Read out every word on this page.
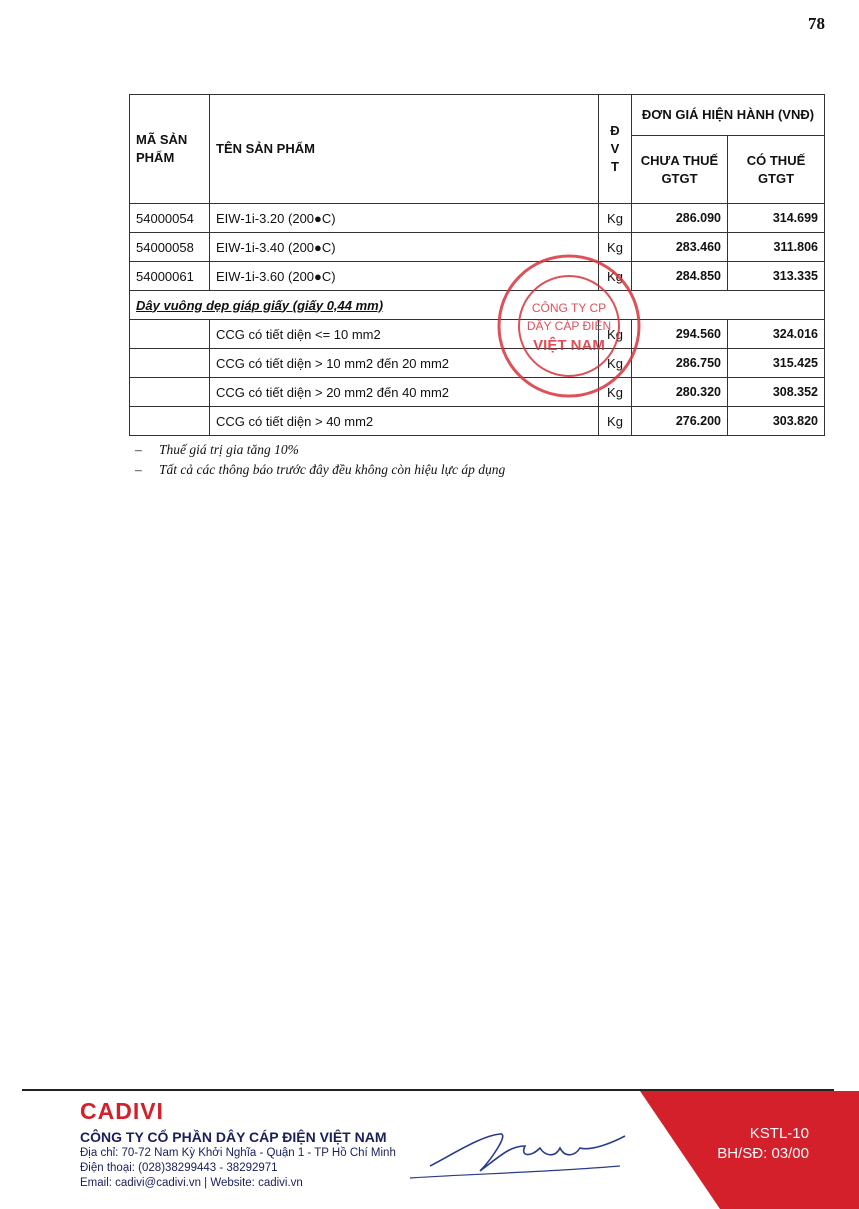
78
MÃ SẢN PHẨM	TÊN SẢN PHẨM	Đ V T	ĐƠN GIÁ HIỆN HÀNH (VNĐ)	
			CHƯA THUẾ GTGT	CÓ THUẾ GTGT
54000054	EIW-1i-3.20 (200●C)	Kg	286.090	314.699
54000058	EIW-1i-3.40 (200●C)	Kg	283.460	311.806
54000061	EIW-1i-3.60 (200●C)	Kg	284.850	313.335
Dây vuông dẹp giáp giấy (giấy 0,44 mm)				
	CCG có tiết diện <= 10 mm2	Kg	294.560	324.016
	CCG có tiết diện > 10 mm2 đến 20 mm2	Kg	286.750	315.425
	CCG có tiết diện > 20 mm2 đến 40 mm2	Kg	280.320	308.352
	CCG có tiết diện > 40 mm2	Kg	276.200	303.820
– Thuế giá trị gia tăng 10%
– Tất cả các thông báo trước đây đều không còn hiệu lực áp dụng
CÔNG TY CP
DÂY CÁP ĐIỆN
VIỆT NAM
CADIVI
CÔNG TY CỔ PHẦN DÂY CÁP ĐIỆN VIỆT NAM
Địa chỉ: 70-72 Nam Kỳ Khởi Nghĩa - Quận 1 - TP Hồ Chí Minh
Điện thoại: (028)38299443 - 38292971
Email: cadivi@cadivi.vn | Website: cadivi.vn
KSTL-10
BH/SĐ: 03/00
